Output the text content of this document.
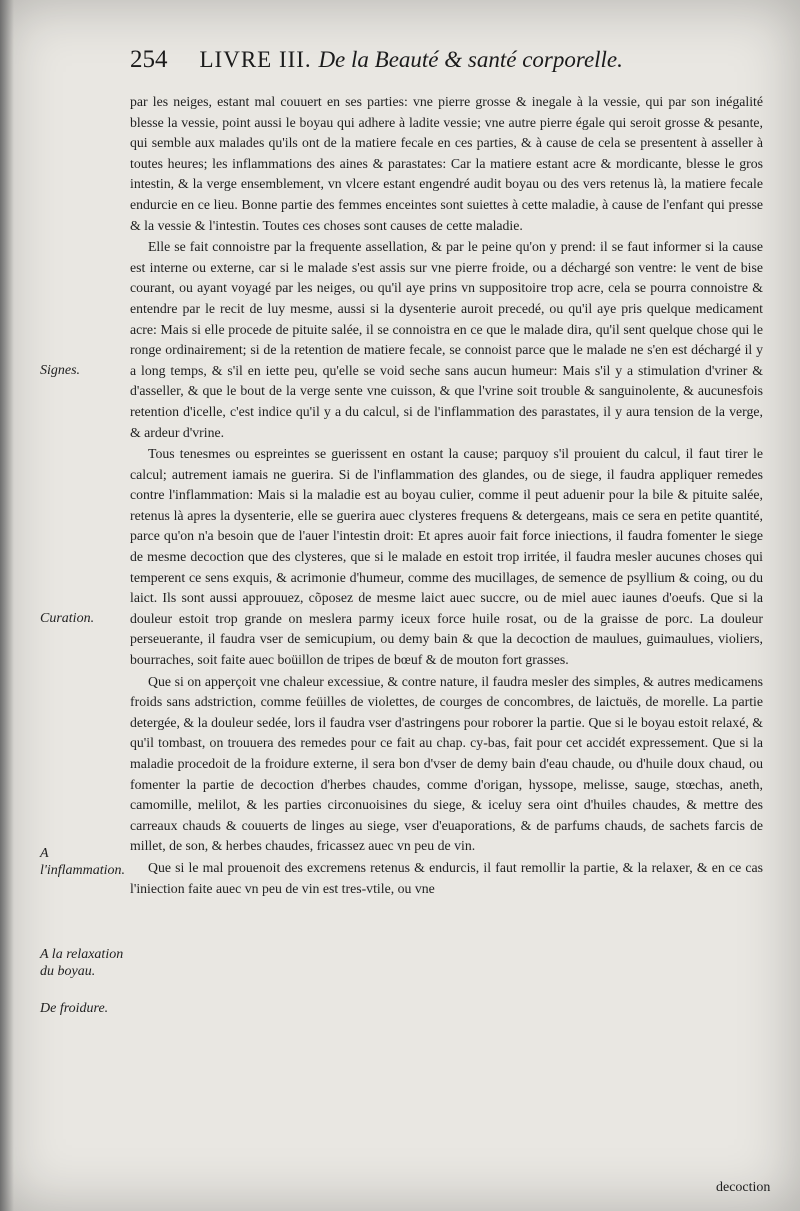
254 LIVRE III. De la Beauté & santé corporelle.

par les neiges, estant mal couuert en ses parties: vne pierre grosse & inegale à la vessie, qui par son inégalité blesse la vessie, point aussi le boyau qui adhere à ladite vessie; vne autre pierre égale qui seroit grosse & pesante, qui semble aux malades qu'ils ont de la matiere fecale en ces parties, & à cause de cela se presentent à asseller à toutes heures; les inflammations des aines & parastates: Car la matiere estant acre & mordicante, blesse le gros intestin, & la verge ensemblement, vn vlcere estant engendré audit boyau ou des vers retenus là, la matiere fecale endurcie en ce lieu. Bonne partie des femmes enceintes sont suiettes à cette maladie, à cause de l'enfant qui presse & la vessie & l'intestin. Toutes ces choses sont causes de cette maladie.

Elle se fait connoistre par la frequente assellation, & par le peine qu'on y prend: il se faut informer si la cause est interne ou externe, car si le malade s'est assis sur vne pierre froide, ou a déchargé son ventre: le vent de bise courant, ou ayant voyagé par les neiges, ou qu'il aye prins vn suppositoire trop acre, cela se pourra connoistre & entendre par le recit de luy mesme, aussi si la dysenterie auroit precedé, ou qu'il aye pris quelque medicament acre: Mais si elle procede de pituite salée, il se connoistra en ce que le malade dira, qu'il sent quelque chose qui le ronge ordinairement; si de la retention de matiere fecale, se connoist parce que le malade ne s'en est déchargé il y a long temps, & s'il en iette peu, qu'elle se void seche sans aucun humeur: Mais s'il y a stimulation d'vriner & d'asseller, & que le bout de la verge sente vne cuisson, & que l'vrine soit trouble & sanguinolente, & aucunesfois retention d'icelle, c'est indice qu'il y a du calcul, si de l'inflammation des parastates, il y aura tension de la verge, & ardeur d'vrine.

Tous tenesmes ou espreintes se guerissent en ostant la cause; parquoy s'il prouient du calcul, il faut tirer le calcul; autrement iamais ne guerira. Si de l'inflammation des glandes, ou de siege, il faudra appliquer remedes contre l'inflammation: Mais si la maladie est au boyau culier, comme il peut aduenir pour la bile & pituite salée, retenus là apres la dysenterie, elle se guerira auec clysteres frequens & detergeans, mais ce sera en petite quantité, parce qu'on n'a besoin que de l'auer l'intestin droit: Et apres auoir fait force iniections, il faudra fomenter le siege de mesme decoction que des clysteres, que si le malade en estoit trop irritée, il faudra mesler aucunes choses qui temperent ce sens exquis, & acrimonie d'humeur, comme des mucillages, de semence de psyllium & coing, ou du laict. Ils sont aussi approuuez, cõposez de mesme laict auec succre, ou de miel auec iaunes d'oeufs. Que si la douleur estoit trop grande on meslera parmy iceux force huile rosat, ou de la graisse de porc. La douleur perseuerante, il faudra vser de semicupium, ou demy bain & que la decoction de maulues, guimaulues, violiers, bourraches, soit faite auec boüillon de tripes de bœuf & de mouton fort grasses.

Que si on apperçoit vne chaleur excessiue, & contre nature, il faudra mesler des simples, & autres medicamens froids sans adstriction, comme feüilles de violettes, de courges de concombres, de laictuës, de morelle. La partie detergée, & la douleur sedée, lors il faudra vser d'astringens pour roborer la partie. Que si le boyau estoit relaxé, & qu'il tombast, on trouuera des remedes pour ce fait au chap. cy-bas, fait pour cet accidét expressement. Que si la maladie procedoit de la froidure externe, il sera bon d'vser de demy bain d'eau chaude, ou d'huile doux chaud, ou fomenter la partie de decoction d'herbes chaudes, comme d'origan, hyssope, melisse, sauge, stœchas, aneth, camomille, melilot, & les parties circonuoisines du siege, & iceluy sera oint d'huiles chaudes, & mettre des carreaux chauds & couuerts de linges au siege, vser d'euaporations, & de parfums chauds, de sachets farcis de millet, de son, & herbes chaudes, fricassez auec vn peu de vin.

Que si le mal prouenoit des excremens retenus & endurcis, il faut remollir la partie, & la relaxer, & en ce cas l'iniection faite auec vn peu de vin est tres-vtile, ou vne

Signes.
Curation.
A l'inflammation.
A la relaxation du boyau.
De froidure.
decoction
